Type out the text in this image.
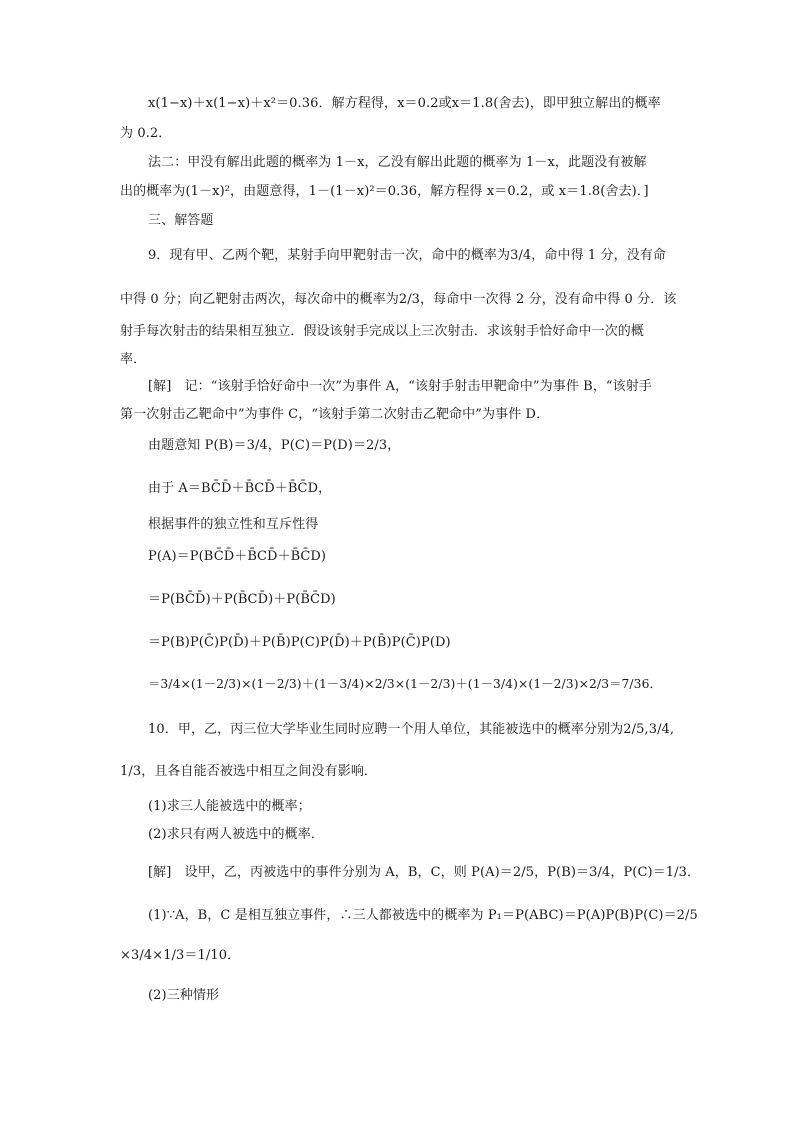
x(1−x)＋x(1−x)＋x²＝0.36．解方程得，x＝0.2或x＝1.8(舍去)，即甲独立解出的概率
为 0.2．
法二：甲没有解出此题的概率为 1－x，乙没有解出此题的概率为 1－x，此题没有被解
出的概率为(1－x)²，由题意得，1－(1－x)²＝0.36，解方程得 x＝0.2，或 x＝1.8(舍去)．]
三、解答题
9．现有甲、乙两个靶，某射手向甲靶射击一次，命中的概率为3/4，命中得 1 分，没有命
中得 0 分；向乙靶射击两次，每次命中的概率为2/3，每命中一次得 2 分，没有命中得 0 分．该
射手每次射击的结果相互独立．假设该射手完成以上三次射击．求该射手恰好命中一次的概
率．
[解]　记：“该射手恰好命中一次”为事件 A，“该射手射击甲靶命中”为事件 B，“该射手
第一次射击乙靶命中”为事件 C，“该射手第二次射击乙靶命中”为事件 D．
由题意知 P(B)＝3/4，P(C)＝P(D)＝2/3，
由于 A＝BC̄D̄＋B̄CD̄＋B̄C̄D，
根据事件的独立性和互斥性得
P(A)＝P(BC̄D̄＋B̄CD̄＋B̄C̄D)
＝P(BC̄D̄)＋P(B̄CD̄)＋P(B̄C̄D)
＝P(B)P(C̄)P(D̄)＋P(B̄)P(C)P(D̄)＋P(B̄)P(C̄)P(D)
＝3/4×(1－2/3)×(1－2/3)＋(1－3/4)×2/3×(1－2/3)＋(1－3/4)×(1－2/3)×2/3＝7/36．
10．甲，乙，丙三位大学毕业生同时应聘一个用人单位，其能被选中的概率分别为2/5,3/4,
1/3，且各自能否被选中相互之间没有影响．
(1)求三人能被选中的概率；
(2)求只有两人被选中的概率．
[解]　设甲，乙，丙被选中的事件分别为 A，B，C，则 P(A)＝2/5，P(B)＝3/4，P(C)＝1/3．
(1)∵A，B，C 是相互独立事件，∴三人都被选中的概率为 P₁＝P(ABC)＝P(A)P(B)P(C)＝2/5
×3/4×1/3＝1/10．
(2)三种情形
